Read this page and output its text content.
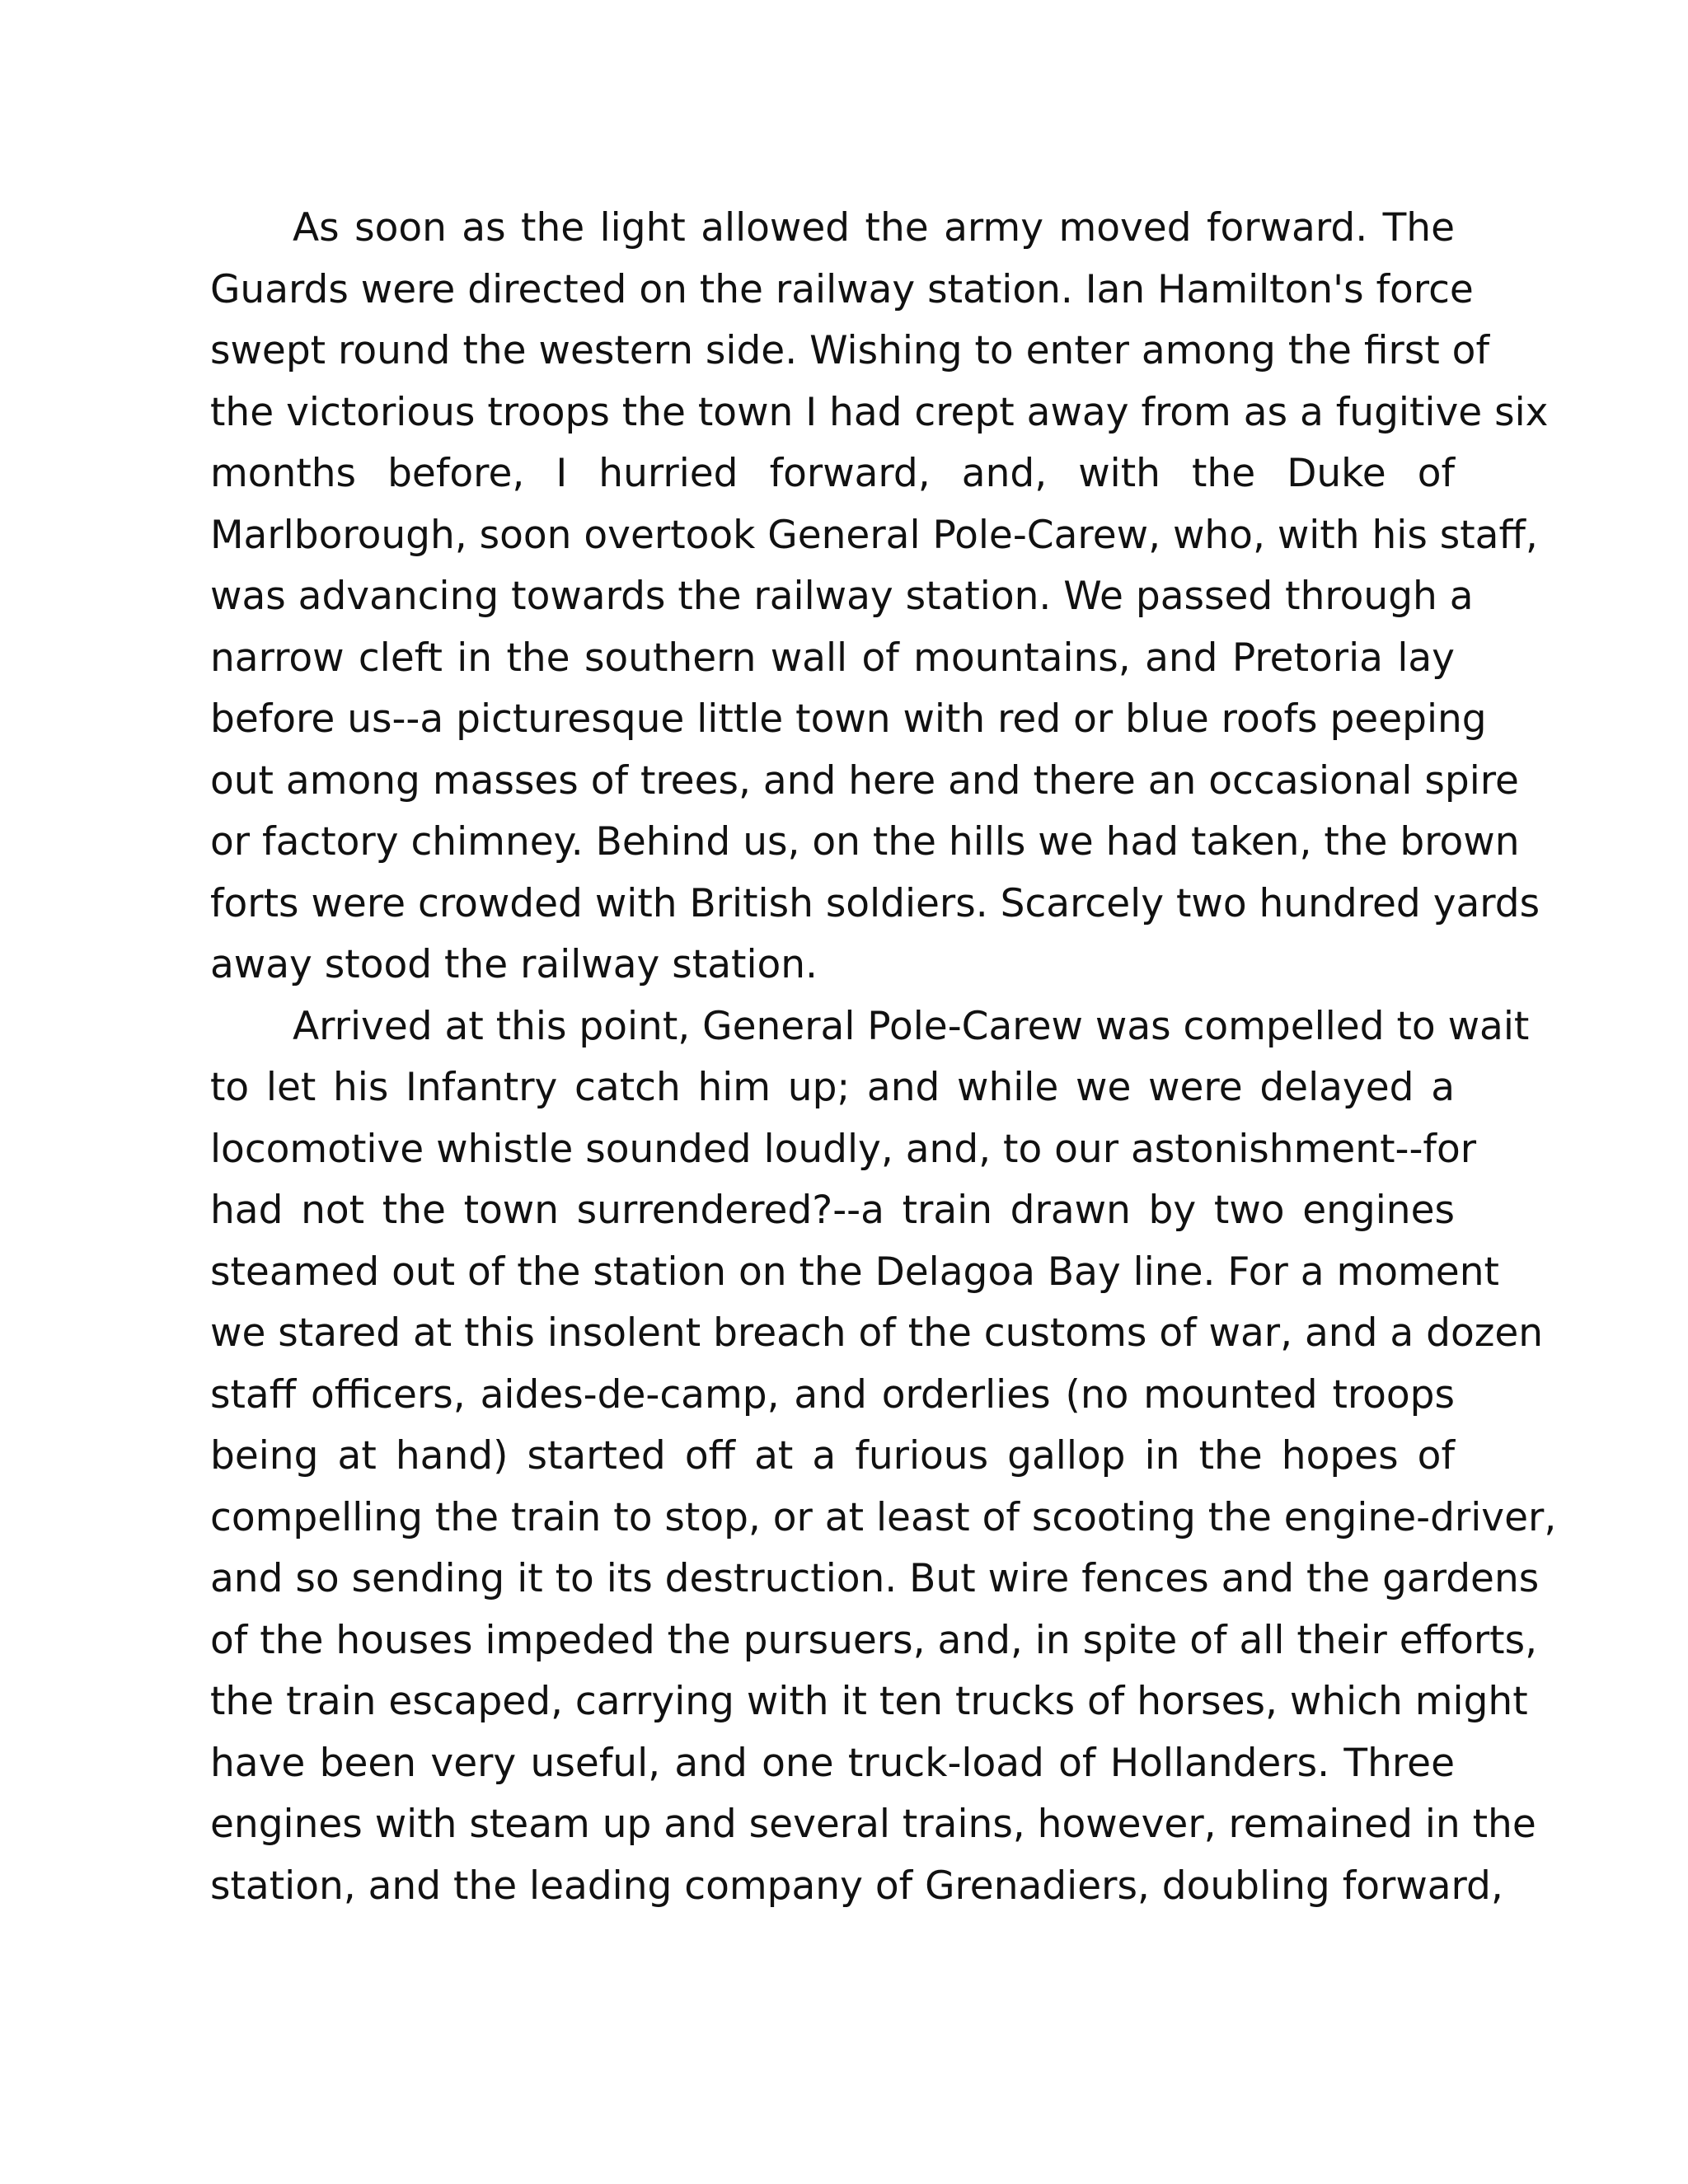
As soon as the light allowed the army moved forward. The
Guards were directed on the railway station. Ian Hamilton's force
swept round the western side. Wishing to enter among the first of
the victorious troops the town I had crept away from as a fugitive six
months before, I hurried forward, and, with the Duke of
Marlborough, soon overtook General Pole-Carew, who, with his staff,
was advancing towards the railway station. We passed through a
narrow cleft in the southern wall of mountains, and Pretoria lay
before us--a picturesque little town with red or blue roofs peeping
out among masses of trees, and here and there an occasional spire
or factory chimney. Behind us, on the hills we had taken, the brown
forts were crowded with British soldiers. Scarcely two hundred yards
away stood the railway station.
Arrived at this point, General Pole-Carew was compelled to wait
to let his Infantry catch him up; and while we were delayed a
locomotive whistle sounded loudly, and, to our astonishment--for
had not the town surrendered?--a train drawn by two engines
steamed out of the station on the Delagoa Bay line. For a moment
we stared at this insolent breach of the customs of war, and a dozen
staff officers, aides-de-camp, and orderlies (no mounted troops
being at hand) started off at a furious gallop in the hopes of
compelling the train to stop, or at least of scooting the engine-driver,
and so sending it to its destruction. But wire fences and the gardens
of the houses impeded the pursuers, and, in spite of all their efforts,
the train escaped, carrying with it ten trucks of horses, which might
have been very useful, and one truck-load of Hollanders. Three
engines with steam up and several trains, however, remained in the
station, and the leading company of Grenadiers, doubling forward,
